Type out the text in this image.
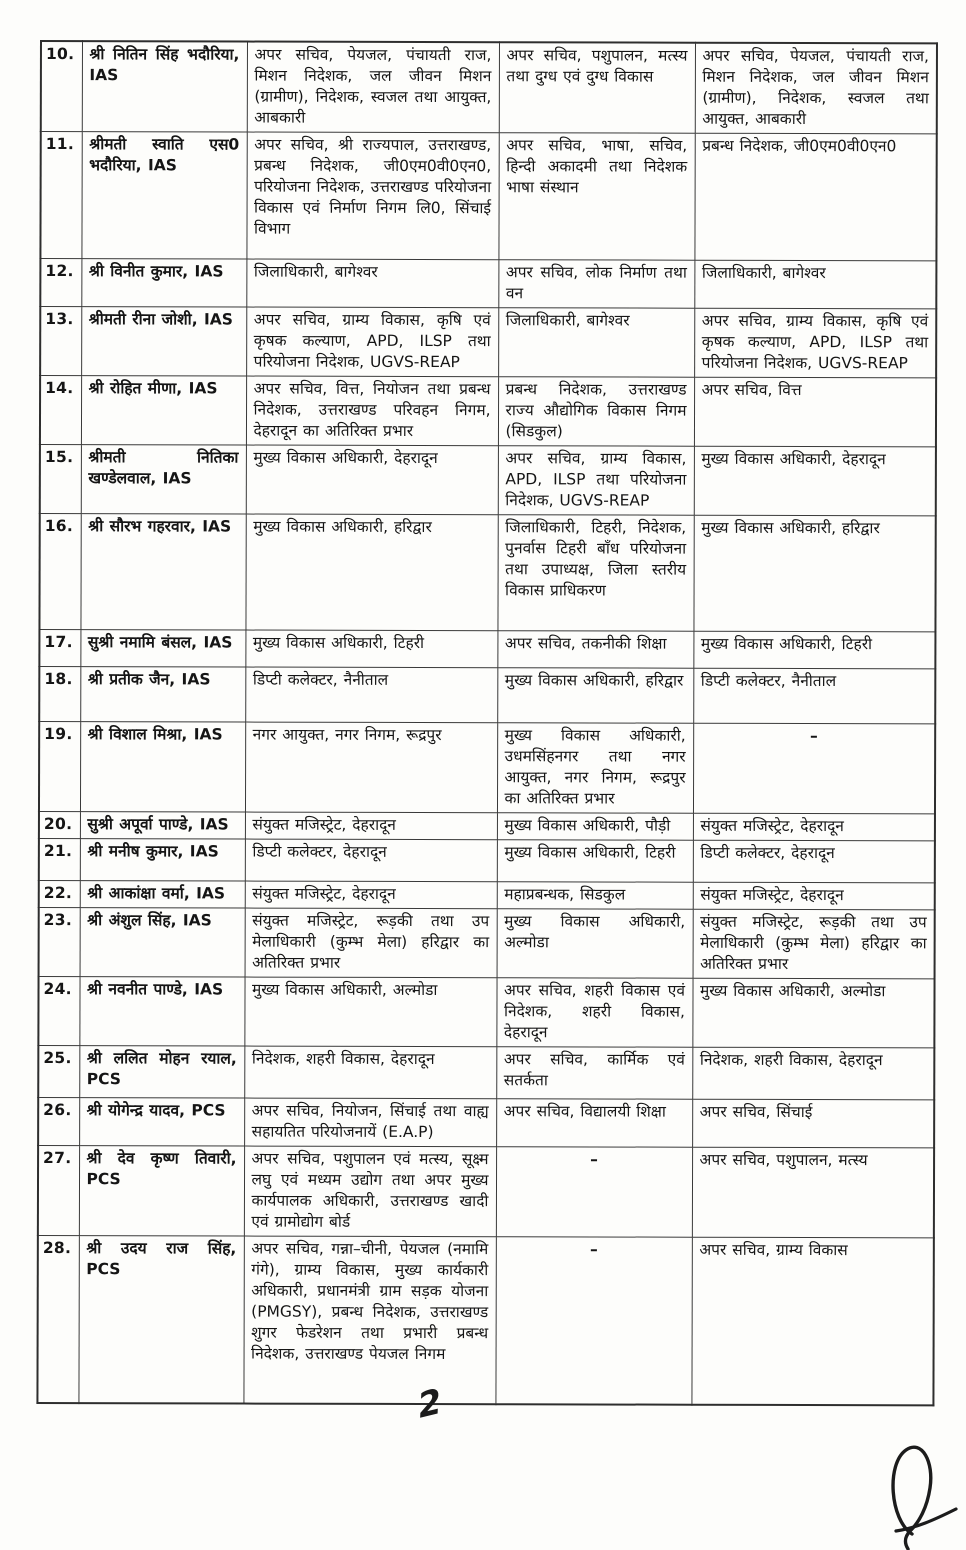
10.	श्री नितिन सिंह भदौरिया, IAS	अपर सचिव, पेयजल, पंचायती राज, मिशन निदेशक, जल जीवन मिशन (ग्रामीण), निदेशक, स्वजल तथा आयुक्त, आबकारी	अपर सचिव, पशुपालन, मत्स्य तथा दुग्ध एवं दुग्ध विकास	अपर सचिव, पेयजल, पंचायती राज, मिशन निदेशक, जल जीवन मिशन (ग्रामीण), निदेशक, स्वजल तथा आयुक्त, आबकारी
11.	श्रीमती स्वाति एस0 भदौरिया, IAS	अपर सचिव, श्री राज्यपाल, उत्तराखण्ड, प्रबन्ध निदेशक, जी0एम0वी0एन0, परियोजना निदेशक, उत्तराखण्ड परियोजना विकास एवं निर्माण निगम लि0, सिंचाई विभाग	अपर सचिव, भाषा, सचिव, हिन्दी अकादमी तथा निदेशक भाषा संस्थान	प्रबन्ध निदेशक, जी0एम0वी0एन0
12.	श्री विनीत कुमार, IAS	जिलाधिकारी, बागेश्वर	अपर सचिव, लोक निर्माण तथा वन	जिलाधिकारी, बागेश्वर
13.	श्रीमती रीना जोशी, IAS	अपर सचिव, ग्राम्य विकास, कृषि एवं कृषक कल्याण, APD, ILSP तथा परियोजना निदेशक, UGVS-REAP	जिलाधिकारी, बागेश्वर	अपर सचिव, ग्राम्य विकास, कृषि एवं कृषक कल्याण, APD, ILSP तथा परियोजना निदेशक, UGVS-REAP
14.	श्री रोहित मीणा, IAS	अपर सचिव, वित्त, नियोजन तथा प्रबन्ध निदेशक, उत्तराखण्ड परिवहन निगम, देहरादून का अतिरिक्त प्रभार	प्रबन्ध निदेशक, उत्तराखण्ड राज्य औद्योगिक विकास निगम (सिडकुल)	अपर सचिव, वित्त
15.	श्रीमती नितिका खण्डेलवाल, IAS	मुख्य विकास अधिकारी, देहरादून	अपर सचिव, ग्राम्य विकास, APD, ILSP तथा परियोजना निदेशक, UGVS-REAP	मुख्य विकास अधिकारी, देहरादून
16.	श्री सौरभ गहरवार, IAS	मुख्य विकास अधिकारी, हरिद्वार	जिलाधिकारी, टिहरी, निदेशक, पुनर्वास टिहरी बाँध परियोजना तथा उपाध्यक्ष, जिला स्तरीय विकास प्राधिकरण	मुख्य विकास अधिकारी, हरिद्वार
17.	सुश्री नमामि बंसल, IAS	मुख्य विकास अधिकारी, टिहरी	अपर सचिव, तकनीकी शिक्षा	मुख्य विकास अधिकारी, टिहरी
18.	श्री प्रतीक जैन, IAS	डिप्टी कलेक्टर, नैनीताल	मुख्य विकास अधिकारी, हरिद्वार	डिप्टी कलेक्टर, नैनीताल
19.	श्री विशाल मिश्रा, IAS	नगर आयुक्त, नगर निगम, रूद्रपुर	मुख्य विकास अधिकारी, उधमसिंहनगर तथा नगर आयुक्त, नगर निगम, रूद्रपुर का अतिरिक्त प्रभार	–
20.	सुश्री अपूर्वा पाण्डे, IAS	संयुक्त मजिस्ट्रेट, देहरादून	मुख्य विकास अधिकारी, पौड़ी	संयुक्त मजिस्ट्रेट, देहरादून
21.	श्री मनीष कुमार, IAS	डिप्टी कलेक्टर, देहरादून	मुख्य विकास अधिकारी, टिहरी	डिप्टी कलेक्टर, देहरादून
22.	श्री आकांक्षा वर्मा, IAS	संयुक्त मजिस्ट्रेट, देहरादून	महाप्रबन्धक, सिडकुल	संयुक्त मजिस्ट्रेट, देहरादून
23.	श्री अंशुल सिंह, IAS	संयुक्त मजिस्ट्रेट, रूड़की तथा उप मेलाधिकारी (कुम्भ मेला) हरिद्वार का अतिरिक्त प्रभार	मुख्य विकास अधिकारी, अल्मोडा	संयुक्त मजिस्ट्रेट, रूड़की तथा उप मेलाधिकारी (कुम्भ मेला) हरिद्वार का अतिरिक्त प्रभार
24.	श्री नवनीत पाण्डे, IAS	मुख्य विकास अधिकारी, अल्मोडा	अपर सचिव, शहरी विकास एवं निदेशक, शहरी विकास, देहरादून	मुख्य विकास अधिकारी, अल्मोडा
25.	श्री ललित मोहन रयाल, PCS	निदेशक, शहरी विकास, देहरादून	अपर सचिव, कार्मिक एवं सतर्कता	निदेशक, शहरी विकास, देहरादून
26.	श्री योगेन्द्र यादव, PCS	अपर सचिव, नियोजन, सिंचाई तथा वाह्य सहायतित परियोजनायें (E.A.P)	अपर सचिव, विद्यालयी शिक्षा	अपर सचिव, सिंचाई
27.	श्री देव कृष्ण तिवारी, PCS	अपर सचिव, पशुपालन एवं मत्स्य, सूक्ष्म लघु एवं मध्यम उद्योग तथा अपर मुख्य कार्यपालक अधिकारी, उत्तराखण्ड खादी एवं ग्रामोद्योग बोर्ड	–	अपर सचिव, पशुपालन, मत्स्य
28.	श्री उदय राज सिंह, PCS	अपर सचिव, गन्ना–चीनी, पेयजल (नमामि गंगे), ग्राम्य विकास, मुख्य कार्यकारी अधिकारी, प्रधानमंत्री ग्राम सड़क योजना (PMGSY), प्रबन्ध निदेशक, उत्तराखण्ड शुगर फेडरेशन तथा प्रभारी प्रबन्ध निदेशक, उत्तराखण्ड पेयजल निगम	–	अपर सचिव, ग्राम्य विकास
2
